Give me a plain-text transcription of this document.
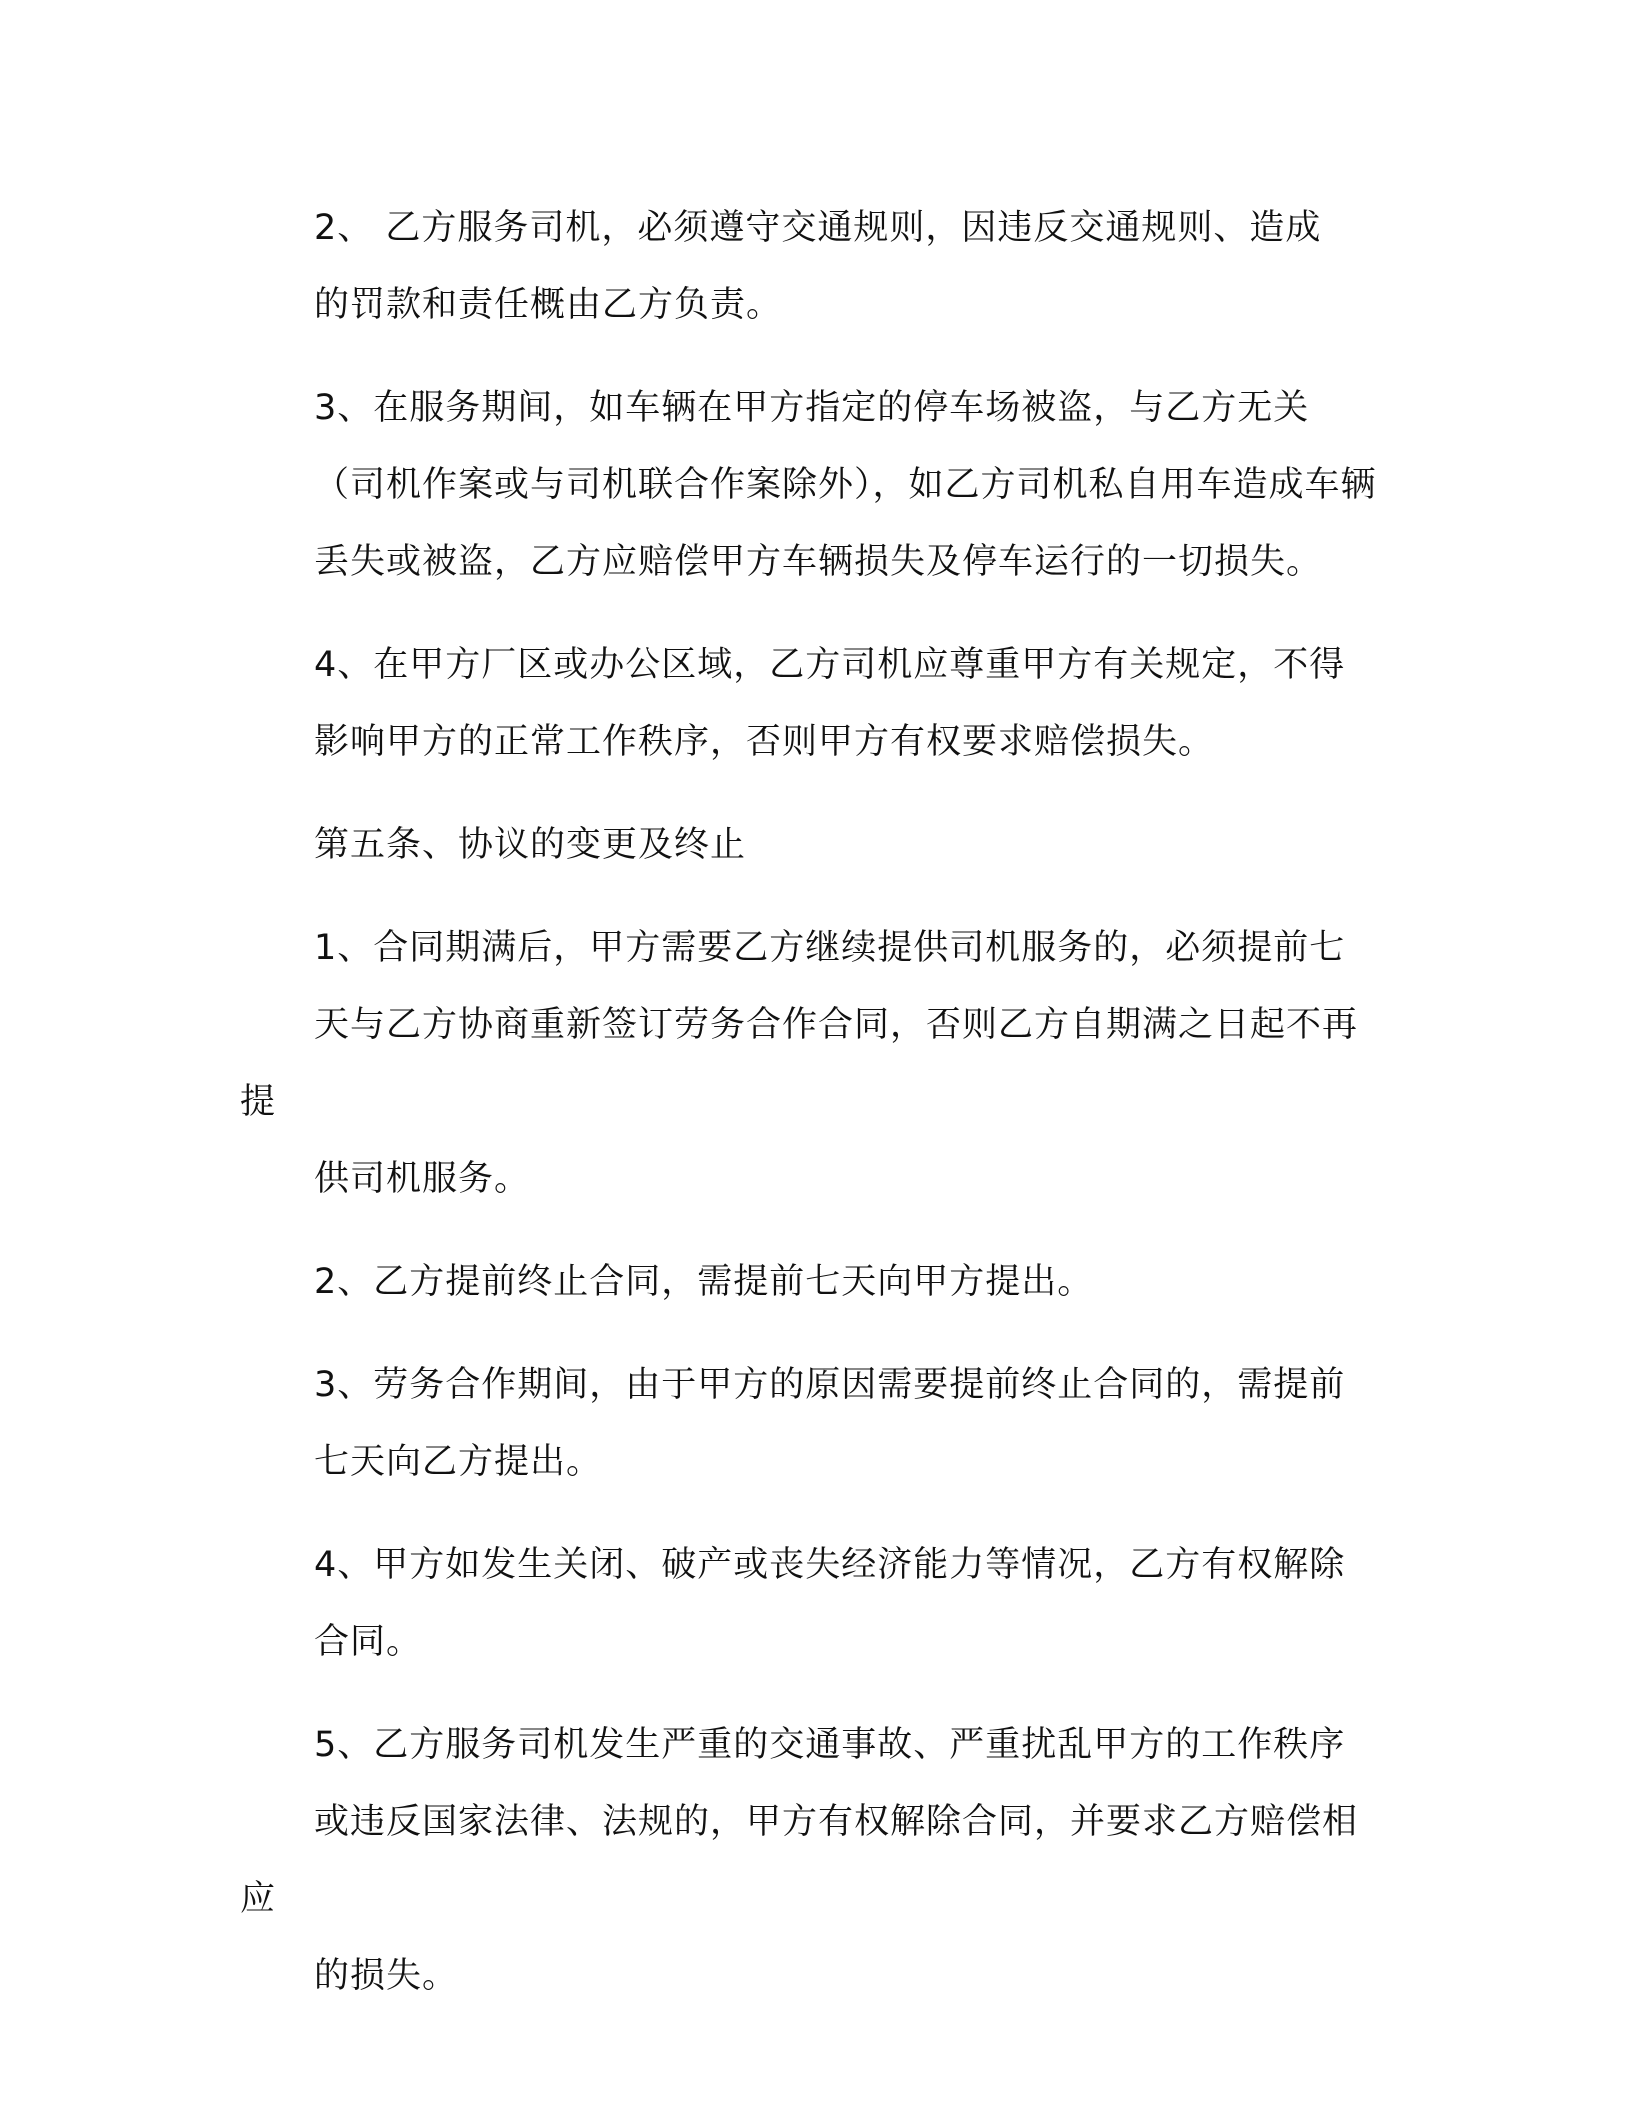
2、 乙方服务司机，必须遵守交通规则，因违反交通规则、造成
的罚款和责任概由乙方负责。

3、在服务期间，如车辆在甲方指定的停车场被盗，与乙方无关
（司机作案或与司机联合作案除外），如乙方司机私自用车造成车辆
丢失或被盗，乙方应赔偿甲方车辆损失及停车运行的一切损失。

4、在甲方厂区或办公区域，乙方司机应尊重甲方有关规定，不得
影响甲方的正常工作秩序，否则甲方有权要求赔偿损失。

第五条、协议的变更及终止

1、合同期满后，甲方需要乙方继续提供司机服务的，必须提前七
天与乙方协商重新签订劳务合作合同，否则乙方自期满之日起不再提
供司机服务。

2、乙方提前终止合同，需提前七天向甲方提出。

3、劳务合作期间，由于甲方的原因需要提前终止合同的，需提前
七天向乙方提出。

4、甲方如发生关闭、破产或丧失经济能力等情况，乙方有权解除
合同。

5、乙方服务司机发生严重的交通事故、严重扰乱甲方的工作秩序
或违反国家法律、法规的，甲方有权解除合同，并要求乙方赔偿相应
的损失。
